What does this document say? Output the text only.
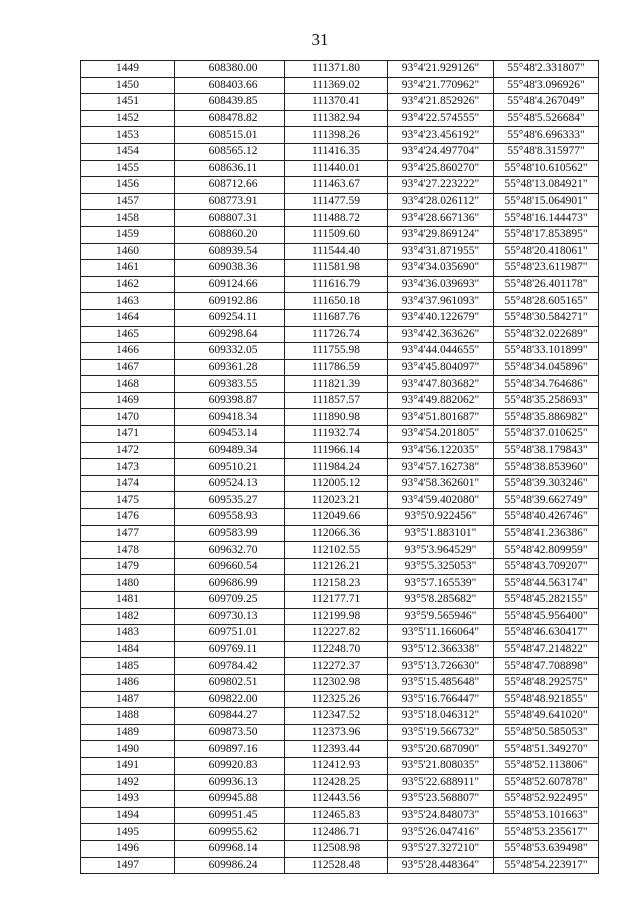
31
1449	608380.00	111371.80	93°4'21.929126"	55°48'2.331807"
1450	608403.66	111369.02	93°4'21.770962"	55°48'3.096926"
1451	608439.85	111370.41	93°4'21.852926"	55°48'4.267049"
1452	608478.82	111382.94	93°4'22.574555"	55°48'5.526684"
1453	608515.01	111398.26	93°4'23.456192"	55°48'6.696333"
1454	608565.12	111416.35	93°4'24.497704"	55°48'8.315977"
1455	608636.11	111440.01	93°4'25.860270"	55°48'10.610562"
1456	608712.66	111463.67	93°4'27.223222"	55°48'13.084921"
1457	608773.91	111477.59	93°4'28.026112"	55°48'15.064901"
1458	608807.31	111488.72	93°4'28.667136"	55°48'16.144473"
1459	608860.20	111509.60	93°4'29.869124"	55°48'17.853895"
1460	608939.54	111544.40	93°4'31.871955"	55°48'20.418061"
1461	609038.36	111581.98	93°4'34.035690"	55°48'23.611987"
1462	609124.66	111616.79	93°4'36.039693"	55°48'26.401178"
1463	609192.86	111650.18	93°4'37.961093"	55°48'28.605165"
1464	609254.11	111687.76	93°4'40.122679"	55°48'30.584271"
1465	609298.64	111726.74	93°4'42.363626"	55°48'32.022689"
1466	609332.05	111755.98	93°4'44.044655"	55°48'33.101899"
1467	609361.28	111786.59	93°4'45.804097"	55°48'34.045896"
1468	609383.55	111821.39	93°4'47.803682"	55°48'34.764686"
1469	609398.87	111857.57	93°4'49.882062"	55°48'35.258693"
1470	609418.34	111890.98	93°4'51.801687"	55°48'35.886982"
1471	609453.14	111932.74	93°4'54.201805"	55°48'37.010625"
1472	609489.34	111966.14	93°4'56.122035"	55°48'38.179843"
1473	609510.21	111984.24	93°4'57.162738"	55°48'38.853960"
1474	609524.13	112005.12	93°4'58.362601"	55°48'39.303246"
1475	609535.27	112023.21	93°4'59.402080"	55°48'39.662749"
1476	609558.93	112049.66	93°5'0.922456"	55°48'40.426746"
1477	609583.99	112066.36	93°5'1.883101"	55°48'41.236386"
1478	609632.70	112102.55	93°5'3.964529"	55°48'42.809959"
1479	609660.54	112126.21	93°5'5.325053"	55°48'43.709207"
1480	609686.99	112158.23	93°5'7.165539"	55°48'44.563174"
1481	609709.25	112177.71	93°5'8.285682"	55°48'45.282155"
1482	609730.13	112199.98	93°5'9.565946"	55°48'45.956400"
1483	609751.01	112227.82	93°5'11.166064"	55°48'46.630417"
1484	609769.11	112248.70	93°5'12.366338"	55°48'47.214822"
1485	609784.42	112272.37	93°5'13.726630"	55°48'47.708898"
1486	609802.51	112302.98	93°5'15.485648"	55°48'48.292575"
1487	609822.00	112325.26	93°5'16.766447"	55°48'48.921855"
1488	609844.27	112347.52	93°5'18.046312"	55°48'49.641020"
1489	609873.50	112373.96	93°5'19.566732"	55°48'50.585053"
1490	609897.16	112393.44	93°5'20.687090"	55°48'51.349270"
1491	609920.83	112412.93	93°5'21.808035"	55°48'52.113806"
1492	609936.13	112428.25	93°5'22.688911"	55°48'52.607878"
1493	609945.88	112443.56	93°5'23.568807"	55°48'52.922495"
1494	609951.45	112465.83	93°5'24.848073"	55°48'53.101663"
1495	609955.62	112486.71	93°5'26.047416"	55°48'53.235617"
1496	609968.14	112508.98	93°5'27.327210"	55°48'53.639498"
1497	609986.24	112528.48	93°5'28.448364"	55°48'54.223917"
